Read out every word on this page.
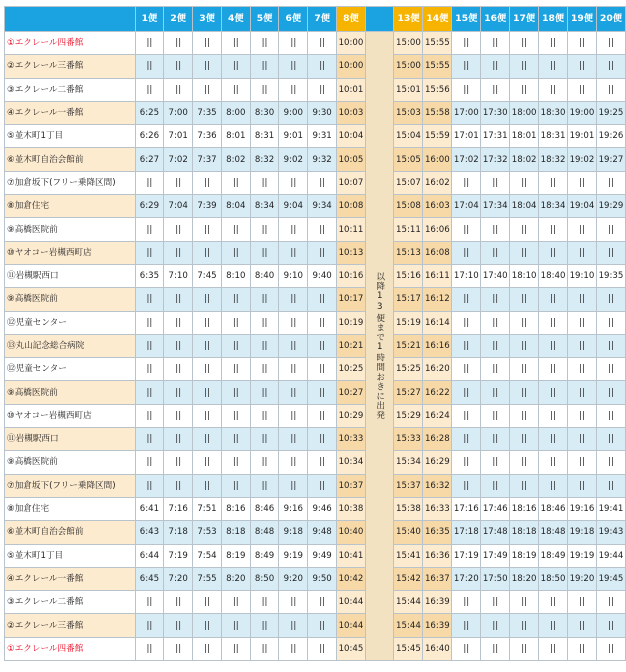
	1便	2便	3便	4便	5便	6便	7便	8便		13便	14便	15便	16便	17便	18便	19便	20便
①エクレール四番館	||	||	||	||	||	||	||	10:00	以降13便まで1時間おきに出発	15:00	15:55	||	||	||	||	||	||
②エクレール三番館	||	||	||	||	||	||	||	10:00		15:00	15:55	||	||	||	||	||	||
③エクレール二番館	||	||	||	||	||	||	||	10:01		15:01	15:56	||	||	||	||	||	||
④エクレール一番館	6:25	7:00	7:35	8:00	8:30	9:00	9:30	10:03		15:03	15:58	17:00	17:30	18:00	18:30	19:00	19:25
⑤並木町1丁目	6:26	7:01	7:36	8:01	8:31	9:01	9:31	10:04		15:04	15:59	17:01	17:31	18:01	18:31	19:01	19:26
⑥並木町自治会館前	6:27	7:02	7:37	8:02	8:32	9:02	9:32	10:05		15:05	16:00	17:02	17:32	18:02	18:32	19:02	19:27
⑦加倉坂下(フリー乗降区間)	||	||	||	||	||	||	||	10:07		15:07	16:02	||	||	||	||	||	||
⑧加倉住宅	6:29	7:04	7:39	8:04	8:34	9:04	9:34	10:08		15:08	16:03	17:04	17:34	18:04	18:34	19:04	19:29
⑨高橋医院前	||	||	||	||	||	||	||	10:11		15:11	16:06	||	||	||	||	||	||
⑩ヤオコー岩槻西町店	||	||	||	||	||	||	||	10:13		15:13	16:08	||	||	||	||	||	||
⑪岩槻駅西口	6:35	7:10	7:45	8:10	8:40	9:10	9:40	10:16		15:16	16:11	17:10	17:40	18:10	18:40	19:10	19:35
⑨高橋医院前	||	||	||	||	||	||	||	10:17		15:17	16:12	||	||	||	||	||	||
⑫児童センター	||	||	||	||	||	||	||	10:19		15:19	16:14	||	||	||	||	||	||
⑬丸山記念総合病院	||	||	||	||	||	||	||	10:21		15:21	16:16	||	||	||	||	||	||
⑫児童センター	||	||	||	||	||	||	||	10:25		15:25	16:20	||	||	||	||	||	||
⑨高橋医院前	||	||	||	||	||	||	||	10:27		15:27	16:22	||	||	||	||	||	||
⑩ヤオコー岩槻西町店	||	||	||	||	||	||	||	10:29		15:29	16:24	||	||	||	||	||	||
⑪岩槻駅西口	||	||	||	||	||	||	||	10:33		15:33	16:28	||	||	||	||	||	||
⑨高橋医院前	||	||	||	||	||	||	||	10:34		15:34	16:29	||	||	||	||	||	||
⑦加倉坂下(フリー乗降区間)	||	||	||	||	||	||	||	10:37		15:37	16:32	||	||	||	||	||	||
⑧加倉住宅	6:41	7:16	7:51	8:16	8:46	9:16	9:46	10:38		15:38	16:33	17:16	17:46	18:16	18:46	19:16	19:41
⑥並木町自治会館前	6:43	7:18	7:53	8:18	8:48	9:18	9:48	10:40		15:40	16:35	17:18	17:48	18:18	18:48	19:18	19:43
⑤並木町1丁目	6:44	7:19	7:54	8:19	8:49	9:19	9:49	10:41		15:41	16:36	17:19	17:49	18:19	18:49	19:19	19:44
④エクレール一番館	6:45	7:20	7:55	8:20	8:50	9:20	9:50	10:42		15:42	16:37	17:20	17:50	18:20	18:50	19:20	19:45
③エクレール二番館	||	||	||	||	||	||	||	10:44		15:44	16:39	||	||	||	||	||	||
②エクレール三番館	||	||	||	||	||	||	||	10:44		15:44	16:39	||	||	||	||	||	||
①エクレール四番館	||	||	||	||	||	||	||	10:45		15:45	16:40	||	||	||	||	||	||
